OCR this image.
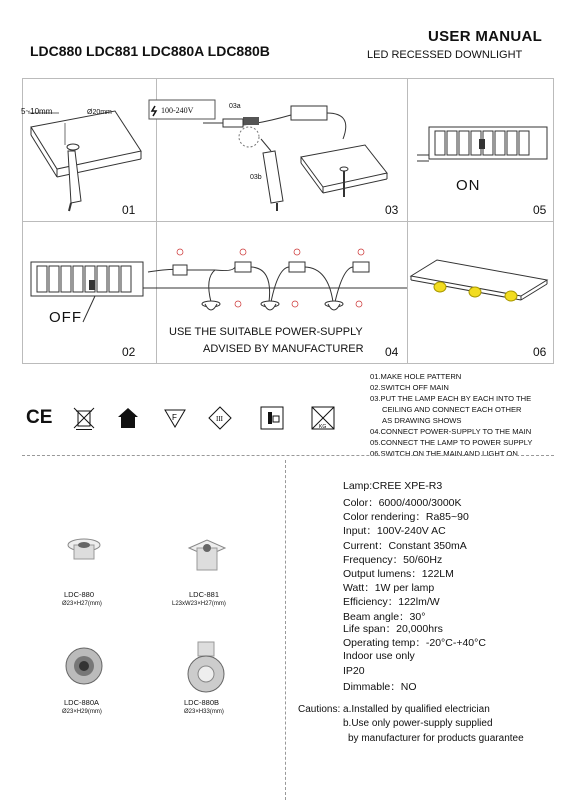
USER MANUAL
LED RECESSED DOWNLIGHT
LDC880 LDC881 LDC880A LDC880B
5~10mm	Ø20mm
01
100-240V	03a
03b
03
ON
05
OFF
02
USE THE SUITABLE POWER-SUPPLY
ADVISED BY MANUFACTURER 04	06
01.MAKE HOLE PATTERN
02.SWITCH OFF MAIN
03.PUT THE LAMP EACH BY EACH INTO THE
CEILING AND CONNECT EACH OTHER
AS DRAWING SHOWS
04.CONNECT POWER-SUPPLY TO THE MAIN
05.CONNECT THE LAMP TO POWER SUPPLY
06.SWITCH ON THE MAIN AND LIGHT ON
CE	F	III
KG
LDC-880
Ø23×H27(mm)
LDC-881
L23xW23×H27(mm)
LDC-880A
Ø23×H29(mm)
LDC-880B
Ø23×H33(mm)
Lamp:CREE XPE-R3
Color：6000/4000/3000K
Color rendering：Ra85~90
Input：100V-240V AC
Current：Constant 350mA
Frequency：50/60Hz
Output lumens：122LM
Watt：1W per lamp
Efficiency：122lm/W
Beam angle：30°
Life span：20,000hrs
Operating temp：-20°C-+40°C
Indoor use only
IP20
Dimmable：NO
Cautions: a.Installed by qualified electrician
b.Use only power-supply supplied
by manufacturer for products guarantee
